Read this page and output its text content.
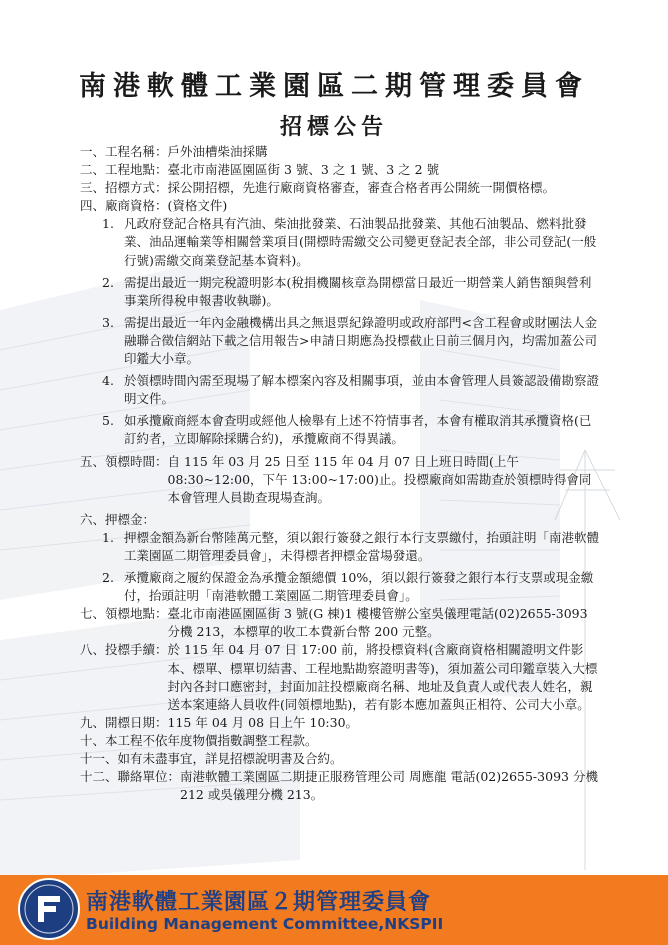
南港軟體工業園區二期管理委員會
招標公告
一、工程名稱： 戶外油槽柴油採購
二、工程地點： 臺北市南港區園區街 3 號、3 之 1 號、3 之 2 號
三、招標方式： 採公開招標，先進行廠商資格審查，審查合格者再公開統一開價格標。
四、廠商資格： (資格文件)
1. 凡政府登記合格具有汽油、柴油批發業、石油製品批發業、其他石油製品、燃料批發業、油品運輸業等相關營業項目(開標時需繳交公司變更登記表全部，非公司登記(一般行號)需繳交商業登記基本資料)。
2. 需提出最近一期完稅證明影本(稅捐機關核章為開標當日最近一期營業人銷售額與營利事業所得稅申報書收執聯)。
3. 需提出最近一年內金融機構出具之無退票紀錄證明或政府部門<含工程會或財團法人金融聯合徵信網站下載之信用報告>申請日期應為投標截止日前三個月內，均需加蓋公司印鑑大小章。
4. 於領標時間內需至現場了解本標案內容及相關事項，並由本會管理人員簽認設備勘察證明文件。
5. 如承攬廠商經本會查明或經他人檢舉有上述不符情事者，本會有權取消其承攬資格(已訂約者，立即解除採購合約)，承攬廠商不得異議。
五、領標時間： 自 115 年 03 月 25 日至 115 年 04 月 07 日上班日時間(上午08:30~12:00，下午 13:00~17:00)止。投標廠商如需勘查於領標時得會同本會管理人員勘查現場查詢。
六、押標金：
1. 押標金額為新台幣陸萬元整，須以銀行簽發之銀行本行支票繳付，抬頭註明「南港軟體工業園區二期管理委員會」，未得標者押標金當場發還。
2. 承攬廠商之履約保證金為承攬金額總價 10%，須以銀行簽發之銀行本行支票或現金繳付，抬頭註明「南港軟體工業園區二期管理委員會」。
七、領標地點： 臺北市南港區園區街 3 號(G 棟)1 樓樓管辦公室吳儀理電話(02)2655-3093 分機 213，本標單的收工本費新台幣 200 元整。
八、投標手續： 於 115 年 04 月 07 日 17:00 前，將投標資料(含廠商資格相關證明文件影本、標單、標單切結書、工程地點勘察證明書等)，須加蓋公司印鑑章裝入大標封內各封口應密封，封面加註投標廠商名稱、地址及負責人或代表人姓名，親送本案連絡人員收件(同領標地點)，若有影本應加蓋與正相符、公司大小章。
九、開標日期： 115 年 04 月 08 日上午 10:30。
十、本工程不依年度物價指數調整工程款。
十一、如有未盡事宜，詳見招標說明書及合約。
十二、聯絡單位： 南港軟體工業園區二期捷正服務管理公司 周應龍 電話(02)2655-3093 分機 212 或吳儀理分機 213。
南港軟體工業園區２期管理委員會
Building Management Committee,NKSPII
